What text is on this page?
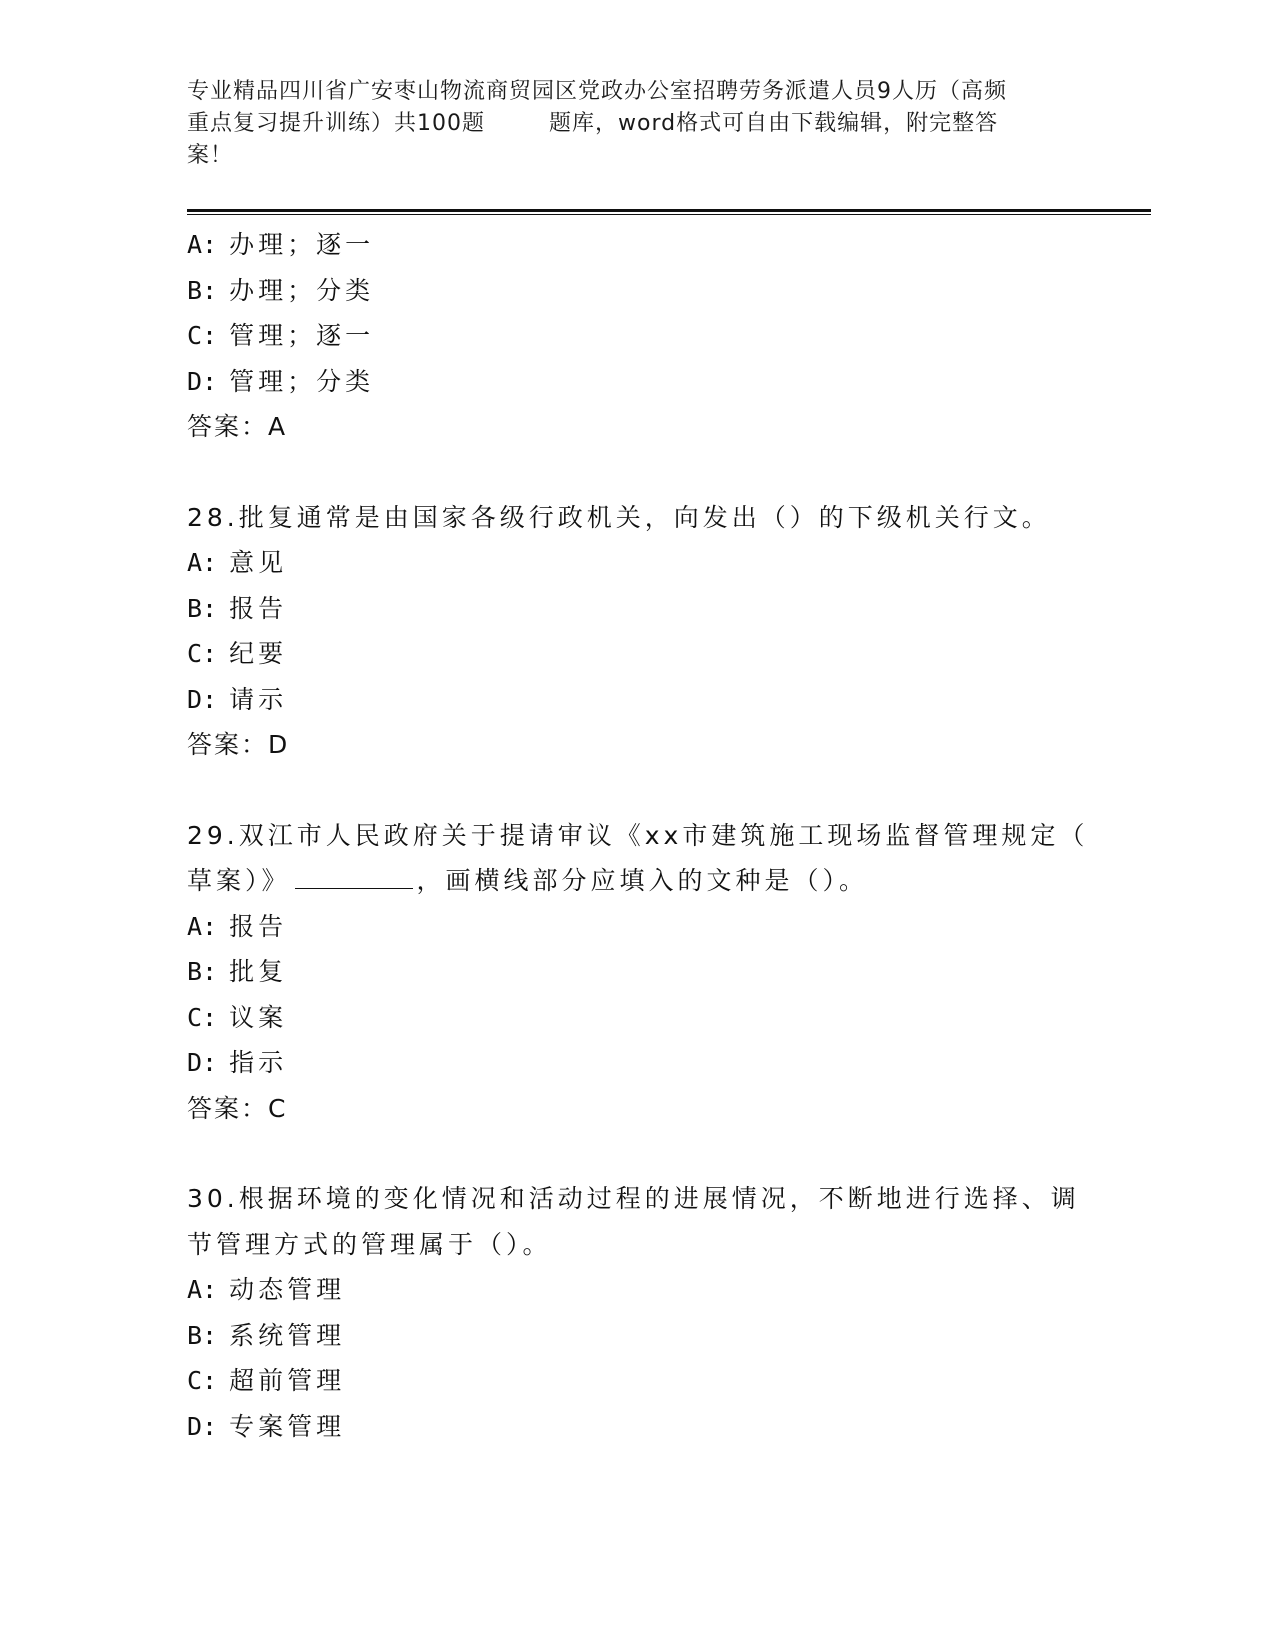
专业精品四川省广安枣山物流商贸园区党政办公室招聘劳务派遣人员9人历（高频
重点复习提升训练）共100题	题库，word格式可自由下载编辑，附完整答
案！
A: 办理；逐一
B: 办理；分类
C: 管理；逐一
D: 管理；分类
答案：A
28.批复通常是由国家各级行政机关，向发出（）的下级机关行文。
A: 意见
B: 报告
C: 纪要
D: 请示
答案：D
29.双江市人民政府关于提请审议《xx市建筑施工现场监督管理规定（
草案）》	，画横线部分应填入的文种是（）。
A: 报告
B: 批复
C: 议案
D: 指示
答案：C
30.根据环境的变化情况和活动过程的进展情况，不断地进行选择、调
节管理方式的管理属于（）。
A: 动态管理
B: 系统管理
C: 超前管理
D: 专案管理
